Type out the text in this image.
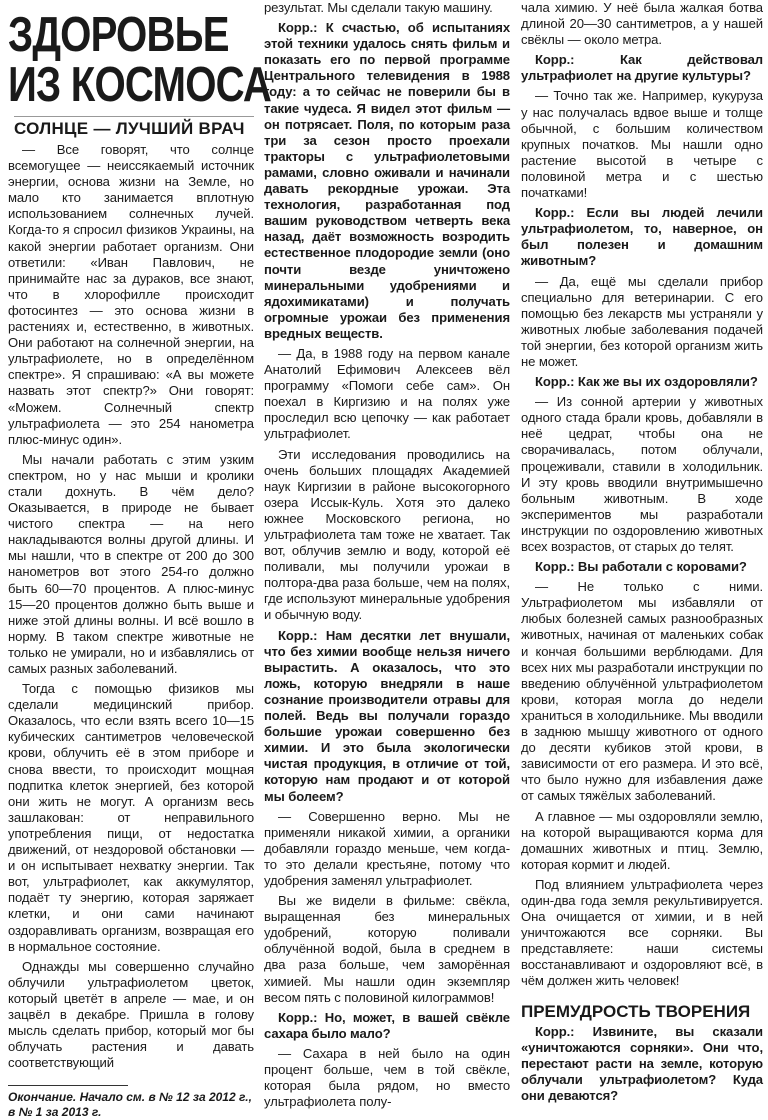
ЗДОРОВЬЕ
ИЗ КОСМОСА
СОЛНЦЕ — ЛУЧШИЙ ВРАЧ

— Все говорят, что солнце всемогущее — неиссякаемый источник энергии, основа жизни на Земле, но мало кто занимается вплотную использованием солнечных лучей. Когда-то я спросил физиков Украины, на какой энергии работает организм. Они ответили: «Иван Павлович, не принимайте нас за дураков, все знают, что в хлорофилле происходит фотосинтез — это основа жизни в растениях и, естественно, в животных. Они работают на солнечной энергии, на ультрафиолете, но в определённом спектре». Я спрашиваю: «А вы можете назвать этот спектр?» Они говорят: «Можем. Солнечный спектр ультрафиолета — это 254 нанометра плюс-минус один».

Мы начали работать с этим узким спектром, но у нас мыши и кролики стали дохнуть. В чём дело? Оказывается, в природе не бывает чистого спектра — на него накладываются волны другой длины. И мы нашли, что в спектре от 200 до 300 нанометров вот этого 254-го должно быть 60—70 процентов. А плюс-минус 15—20 процентов должно быть выше и ниже этой длины волны. И всё вошло в норму. В таком спектре животные не только не умирали, но и избавлялись от самых разных заболеваний.

Тогда с помощью физиков мы сделали медицинский прибор. Оказалось, что если взять всего 10—15 кубических сантиметров человеческой крови, облучить её в этом приборе и снова ввести, то происходит мощная подпитка клеток энергией, без которой они жить не могут. А организм весь зашлакован: от неправильного употребления пищи, от недостатка движений, от нездоровой обстановки — и он испытывает нехватку энергии. Так вот, ультрафиолет, как аккумулятор, подаёт ту энергию, которая заряжает клетки, и они сами начинают оздоравливать организм, возвращая его в нормальное состояние.

Однажды мы совершенно случайно облучили ультрафиолетом цветок, который цветёт в апреле — мае, и он зацвёл в декабре. Пришла в голову мысль сделать прибор, который мог бы облучать растения и давать соответствующий

Окончание. Начало см. в № 12 за 2012 г., в № 1 за 2013 г.

результат. Мы сделали такую машину.

Корр.: К счастью, об испытаниях этой техники удалось снять фильм и показать его по первой программе Центрального телевидения в 1988 году: а то сейчас не поверили бы в такие чудеса. Я видел этот фильм — он потрясает. Поля, по которым раза три за сезон просто проехали тракторы с ультрафиолетовыми рамами, словно оживали и начинали давать рекордные урожаи. Эта технология, разработанная под вашим руководством четверть века назад, даёт возможность возродить естественное плодородие земли (оно почти везде уничтожено минеральными удобрениями и ядохимикатами) и получать огромные урожаи без применения вредных веществ.

— Да, в 1988 году на первом канале Анатолий Ефимович Алексеев вёл программу «Помоги себе сам». Он поехал в Киргизию и на полях уже проследил всю цепочку — как работает ультрафиолет.

Эти исследования проводились на очень больших площадях Академией наук Киргизии в районе высокогорного озера Иссык-Куль. Хотя это далеко южнее Московского региона, но ультрафиолета там тоже не хватает. Так вот, облучив землю и воду, которой её поливали, мы получили урожаи в полтора-два раза больше, чем на полях, где используют минеральные удобрения и обычную воду.

Корр.: Нам десятки лет внушали, что без химии вообще нельзя ничего вырастить. А оказалось, что это ложь, которую внедряли в наше сознание производители отравы для полей. Ведь вы получали гораздо большие урожаи совершенно без химии. И это была экологически чистая продукция, в отличие от той, которую нам продают и от которой мы болеем?

— Совершенно верно. Мы не применяли никакой химии, а органики добавляли гораздо меньше, чем когда-то это делали крестьяне, потому что удобрения заменял ультрафиолет.

Вы же видели в фильме: свёкла, выращенная без минеральных удобрений, которую поливали облучённой водой, была в среднем в два раза больше, чем заморённая химией. Мы нашли один экземпляр весом пять с половиной килограммов!

Корр.: Но, может, в вашей свёкле сахара было мало?

— Сахара в ней было на один процент больше, чем в той свёкле, которая была рядом, но вместо ультрафиолета полу-

чала химию. У неё была жалкая ботва длиной 20—30 сантиметров, а у нашей свёклы — около метра.

Корр.: Как действовал ультрафиолет на другие культуры?

— Точно так же. Например, кукуруза у нас получалась вдвое выше и толще обычной, с большим количеством крупных початков. Мы нашли одно растение высотой в четыре с половиной метра и с шестью початками!

Корр.: Если вы людей лечили ультрафиолетом, то, наверное, он был полезен и домашним животным?

— Да, ещё мы сделали прибор специально для ветеринарии. С его помощью без лекарств мы устраняли у животных любые заболевания подачей той энергии, без которой организм жить не может.

Корр.: Как же вы их оздоровляли?

— Из сонной артерии у животных одного стада брали кровь, добавляли в неё цедрат, чтобы она не сворачивалась, потом облучали, процеживали, ставили в холодильник. И эту кровь вводили внутримышечно больным животным. В ходе экспериментов мы разработали инструкции по оздоровлению животных всех возрастов, от старых до телят.

Корр.: Вы работали с коровами?

— Не только с ними. Ультрафиолетом мы избавляли от любых болезней самых разнообразных животных, начиная от маленьких собак и кончая большими верблюдами. Для всех них мы разработали инструкции по введению облучённой ультрафиолетом крови, которая могла до недели храниться в холодильнике. Мы вводили в заднюю мышцу животного от одного до десяти кубиков этой крови, в зависимости от его размера. И это всё, что было нужно для избавления даже от самых тяжёлых заболеваний.

А главное — мы оздоровляли землю, на которой выращиваются корма для домашних животных и птиц. Землю, которая кормит и людей.

Под влиянием ультрафиолета через один-два года земля рекультивируется. Она очищается от химии, и в ней уничтожаются все сорняки. Вы представляете: наши системы восстанавливают и оздоровляют всё, в чём должен жить человек!

ПРЕМУДРОСТЬ ТВОРЕНИЯ

Корр.: Извините, вы сказали «уничтожаются сорняки». Они что, перестают расти на земле, которую облучали ультрафиолетом? Куда они деваются?
